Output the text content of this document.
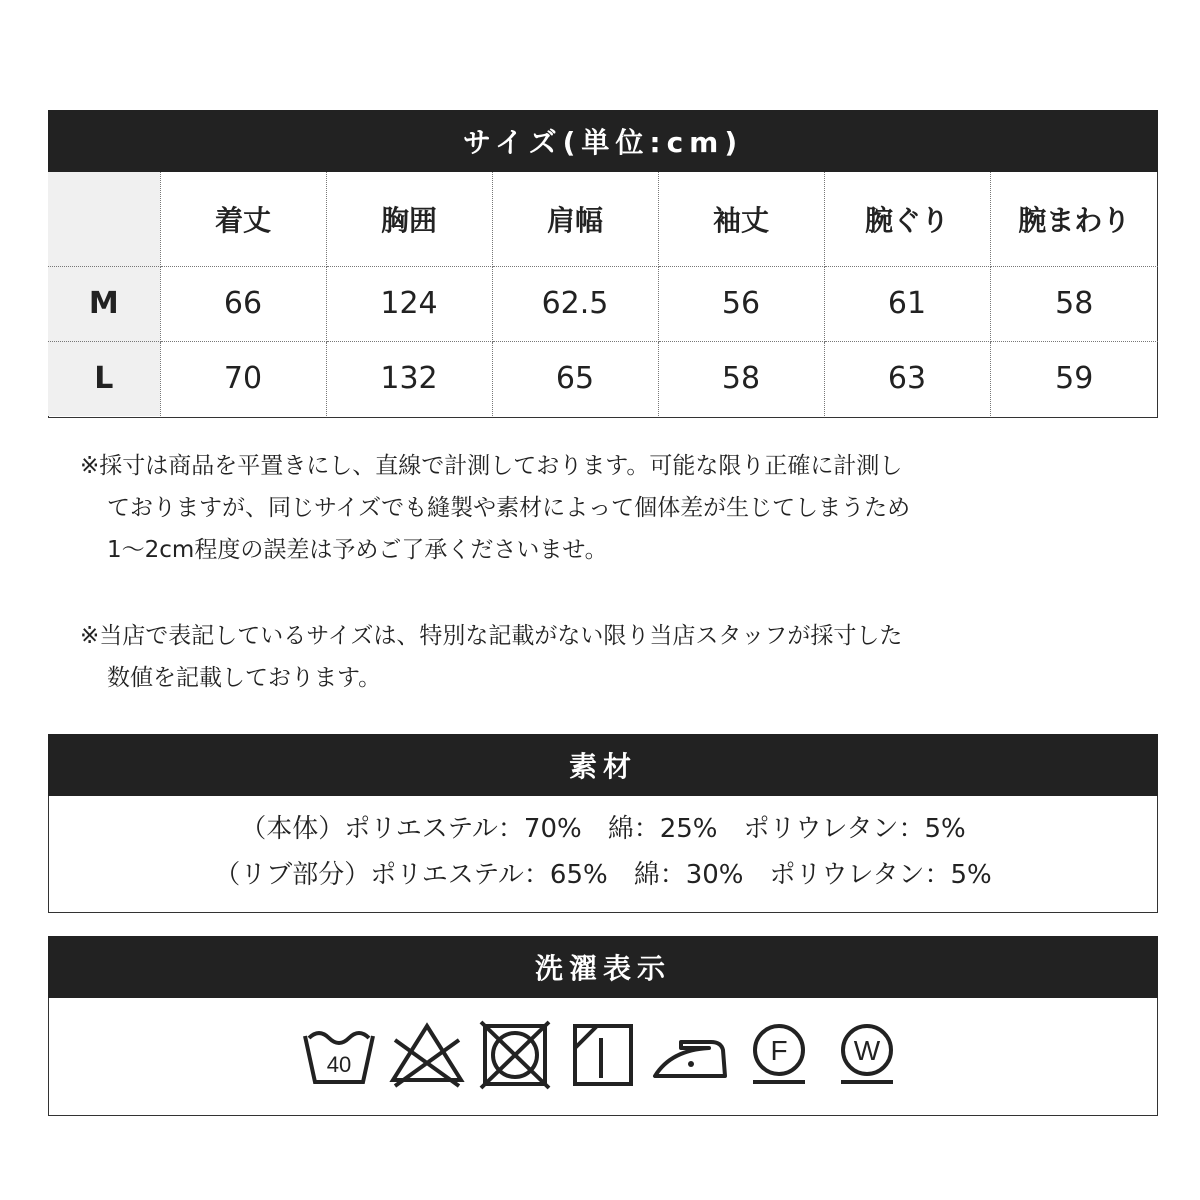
サイズ(単位:cm)
	着丈	胸囲	肩幅	袖丈	腕ぐり	腕まわり
M	66	124	62.5	56	61	58
L	70	132	65	58	63	59

※採寸は商品を平置きにし、直線で計測しております。可能な限り正確に計測し

ておりますが、同じサイズでも縫製や素材によって個体差が生じてしまうため

1～2cm程度の誤差は予めご了承くださいませ。

※当店で表記しているサイズは、特別な記載がない限り当店スタッフが採寸した

数値を記載しております。

素材
（本体）ポリエステル：70%　綿：25%　ポリウレタン：5%
（リブ部分）ポリエステル：65%　綿：30%　ポリウレタン：5%
洗濯表示
40	F W
